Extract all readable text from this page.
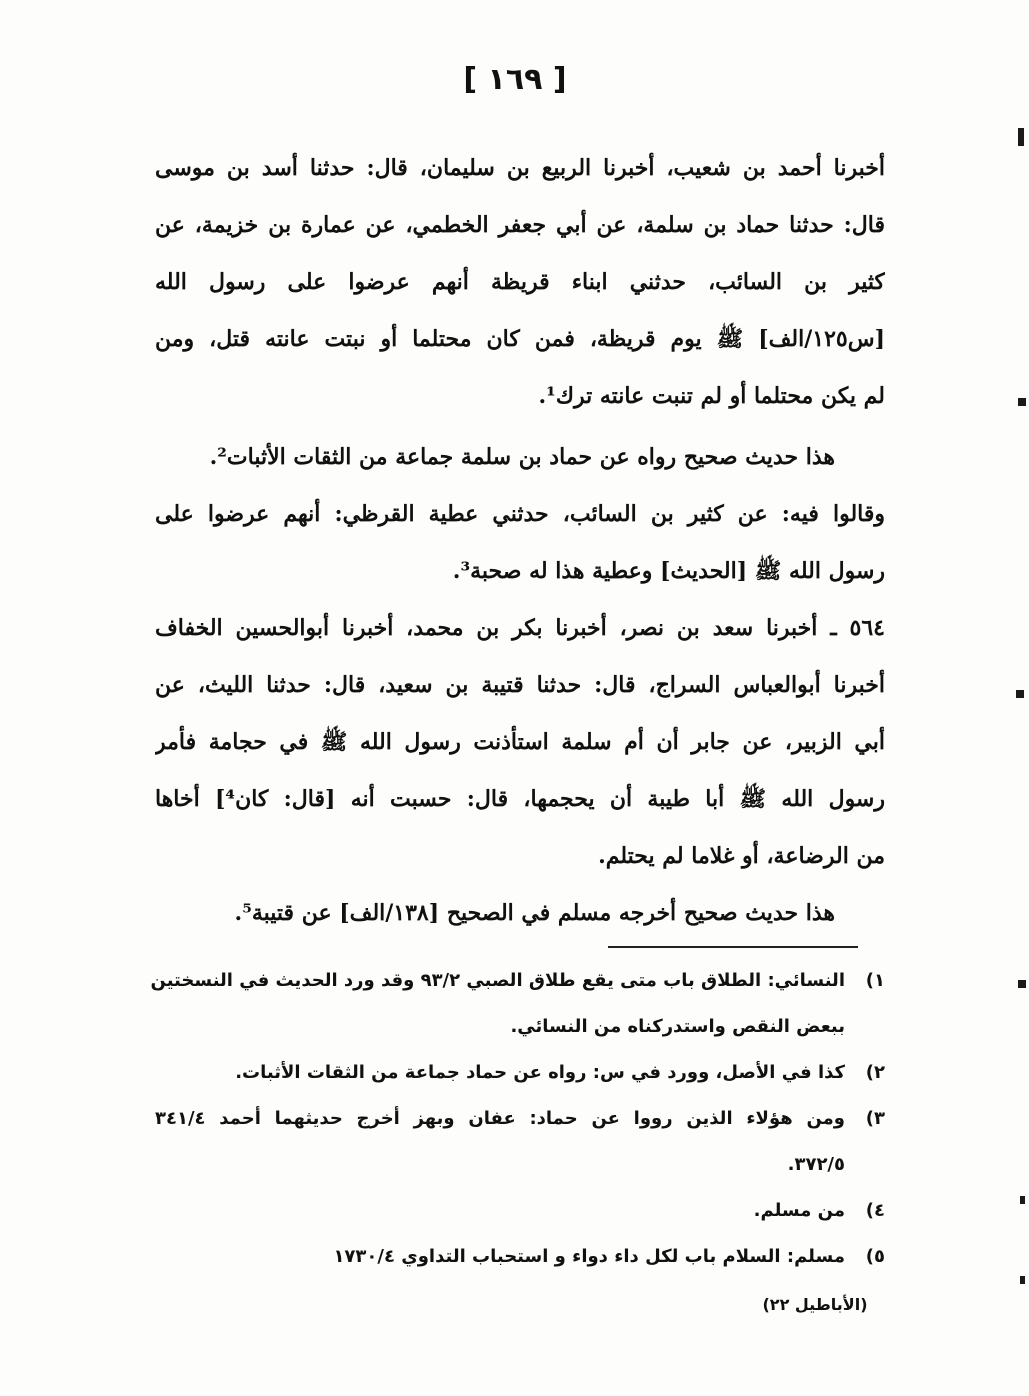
[ ١٦٩ ]
أخبرنا أحمد بن شعيب، أخبرنا الربيع بن سليمان، قال: حدثنا أسد بن موسى
قال: حدثنا حماد بن سلمة، عن أبي جعفر الخطمي، عن عمارة بن خزيمة، عن
كثير بن السائب، حدثني ابناء قريظة أنهم عرضوا على رسول الله
[س١٢٥/الف] ﷺ يوم قريظة، فمن كان محتلما أو نبتت عانته قتل، ومن
لم يكن محتلما أو لم تنبت عانته ترك¹.
هذا حديث صحيح رواه عن حماد بن سلمة جماعة من الثقات الأثبات².
وقالوا فيه: عن كثير بن السائب، حدثني عطية القرظي: أنهم عرضوا على
رسول الله ﷺ [الحديث] وعطية هذا له صحبة³.
٥٦٤ ـ أخبرنا سعد بن نصر، أخبرنا بكر بن محمد، أخبرنا أبوالحسين الخفاف
أخبرنا أبوالعباس السراج، قال: حدثنا قتيبة بن سعيد، قال: حدثنا الليث، عن
أبي الزبير، عن جابر أن أم سلمة استأذنت رسول الله ﷺ في حجامة فأمر
رسول الله ﷺ أبا طيبة أن يحجمها، قال: حسبت أنه [قال: كان⁴] أخاها
من الرضاعة، أو غلاما لم يحتلم.
هذا حديث صحيح أخرجه مسلم في الصحيح [١٣٨/الف] عن قتيبة⁵.
١)
النسائي: الطلاق باب متى يقع طلاق الصبي ٩٣/٢ وقد ورد الحديث في النسختين
ببعض النقص واستدركناه من النسائي.
٢)
كذا في الأصل، وورد في س: رواه عن حماد جماعة من الثقات الأثبات.
٣)
ومن هؤلاء الذين رووا عن حماد: عفان وبهز أخرج حديثهما أحمد ٣٤١/٤
٣٧٢/٥.
٤)
من مسلم.
٥)
مسلم: السلام باب لكل داء دواء و استحباب التداوي ١٧٣٠/٤
(الأباطيل ٢٢)
